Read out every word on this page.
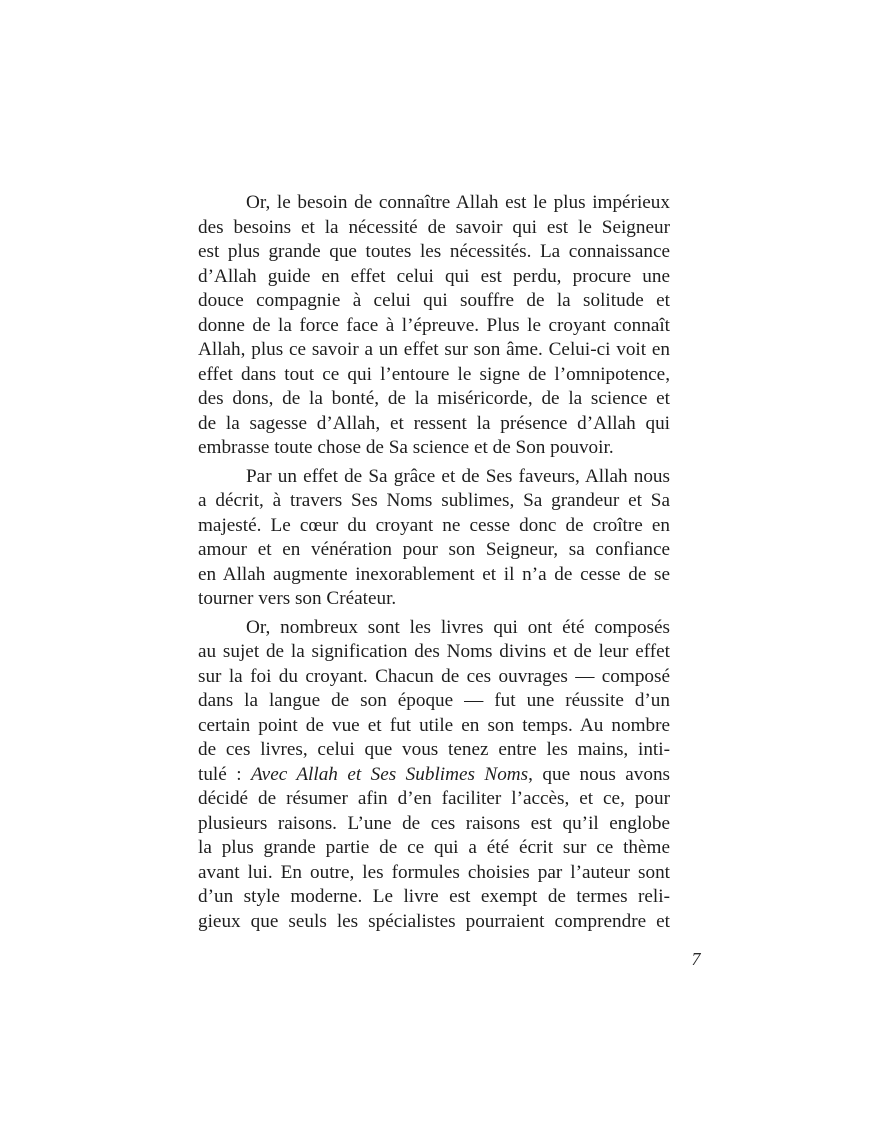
Or, le besoin de connaître Allah est le plus impérieux
des besoins et la nécessité de savoir qui est le Seigneur
est plus grande que toutes les nécessités. La connaissance
d’Allah guide en effet celui qui est perdu, procure une
douce compagnie à celui qui souffre de la solitude et
donne de la force face à l’épreuve. Plus le croyant connaît
Allah, plus ce savoir a un effet sur son âme. Celui-ci voit en
effet dans tout ce qui l’entoure le signe de l’omnipotence,
des dons, de la bonté, de la miséricorde, de la science et
de la sagesse d’Allah, et ressent la présence d’Allah qui
embrasse toute chose de Sa science et de Son pouvoir.
Par un effet de Sa grâce et de Ses faveurs, Allah nous
a décrit, à travers Ses Noms sublimes, Sa grandeur et Sa
majesté. Le cœur du croyant ne cesse donc de croître en
amour et en vénération pour son Seigneur, sa confiance
en Allah augmente inexorablement et il n’a de cesse de se
tourner vers son Créateur.
Or, nombreux sont les livres qui ont été composés
au sujet de la signification des Noms divins et de leur effet
sur la foi du croyant. Chacun de ces ouvrages — composé
dans la langue de son époque — fut une réussite d’un
certain point de vue et fut utile en son temps. Au nombre
de ces livres, celui que vous tenez entre les mains, inti-
tulé : Avec Allah et Ses Sublimes Noms, que nous avons
décidé de résumer afin d’en faciliter l’accès, et ce, pour
plusieurs raisons. L’une de ces raisons est qu’il englobe
la plus grande partie de ce qui a été écrit sur ce thème
avant lui. En outre, les formules choisies par l’auteur sont
d’un style moderne. Le livre est exempt de termes reli-
gieux que seuls les spécialistes pourraient comprendre et
7
